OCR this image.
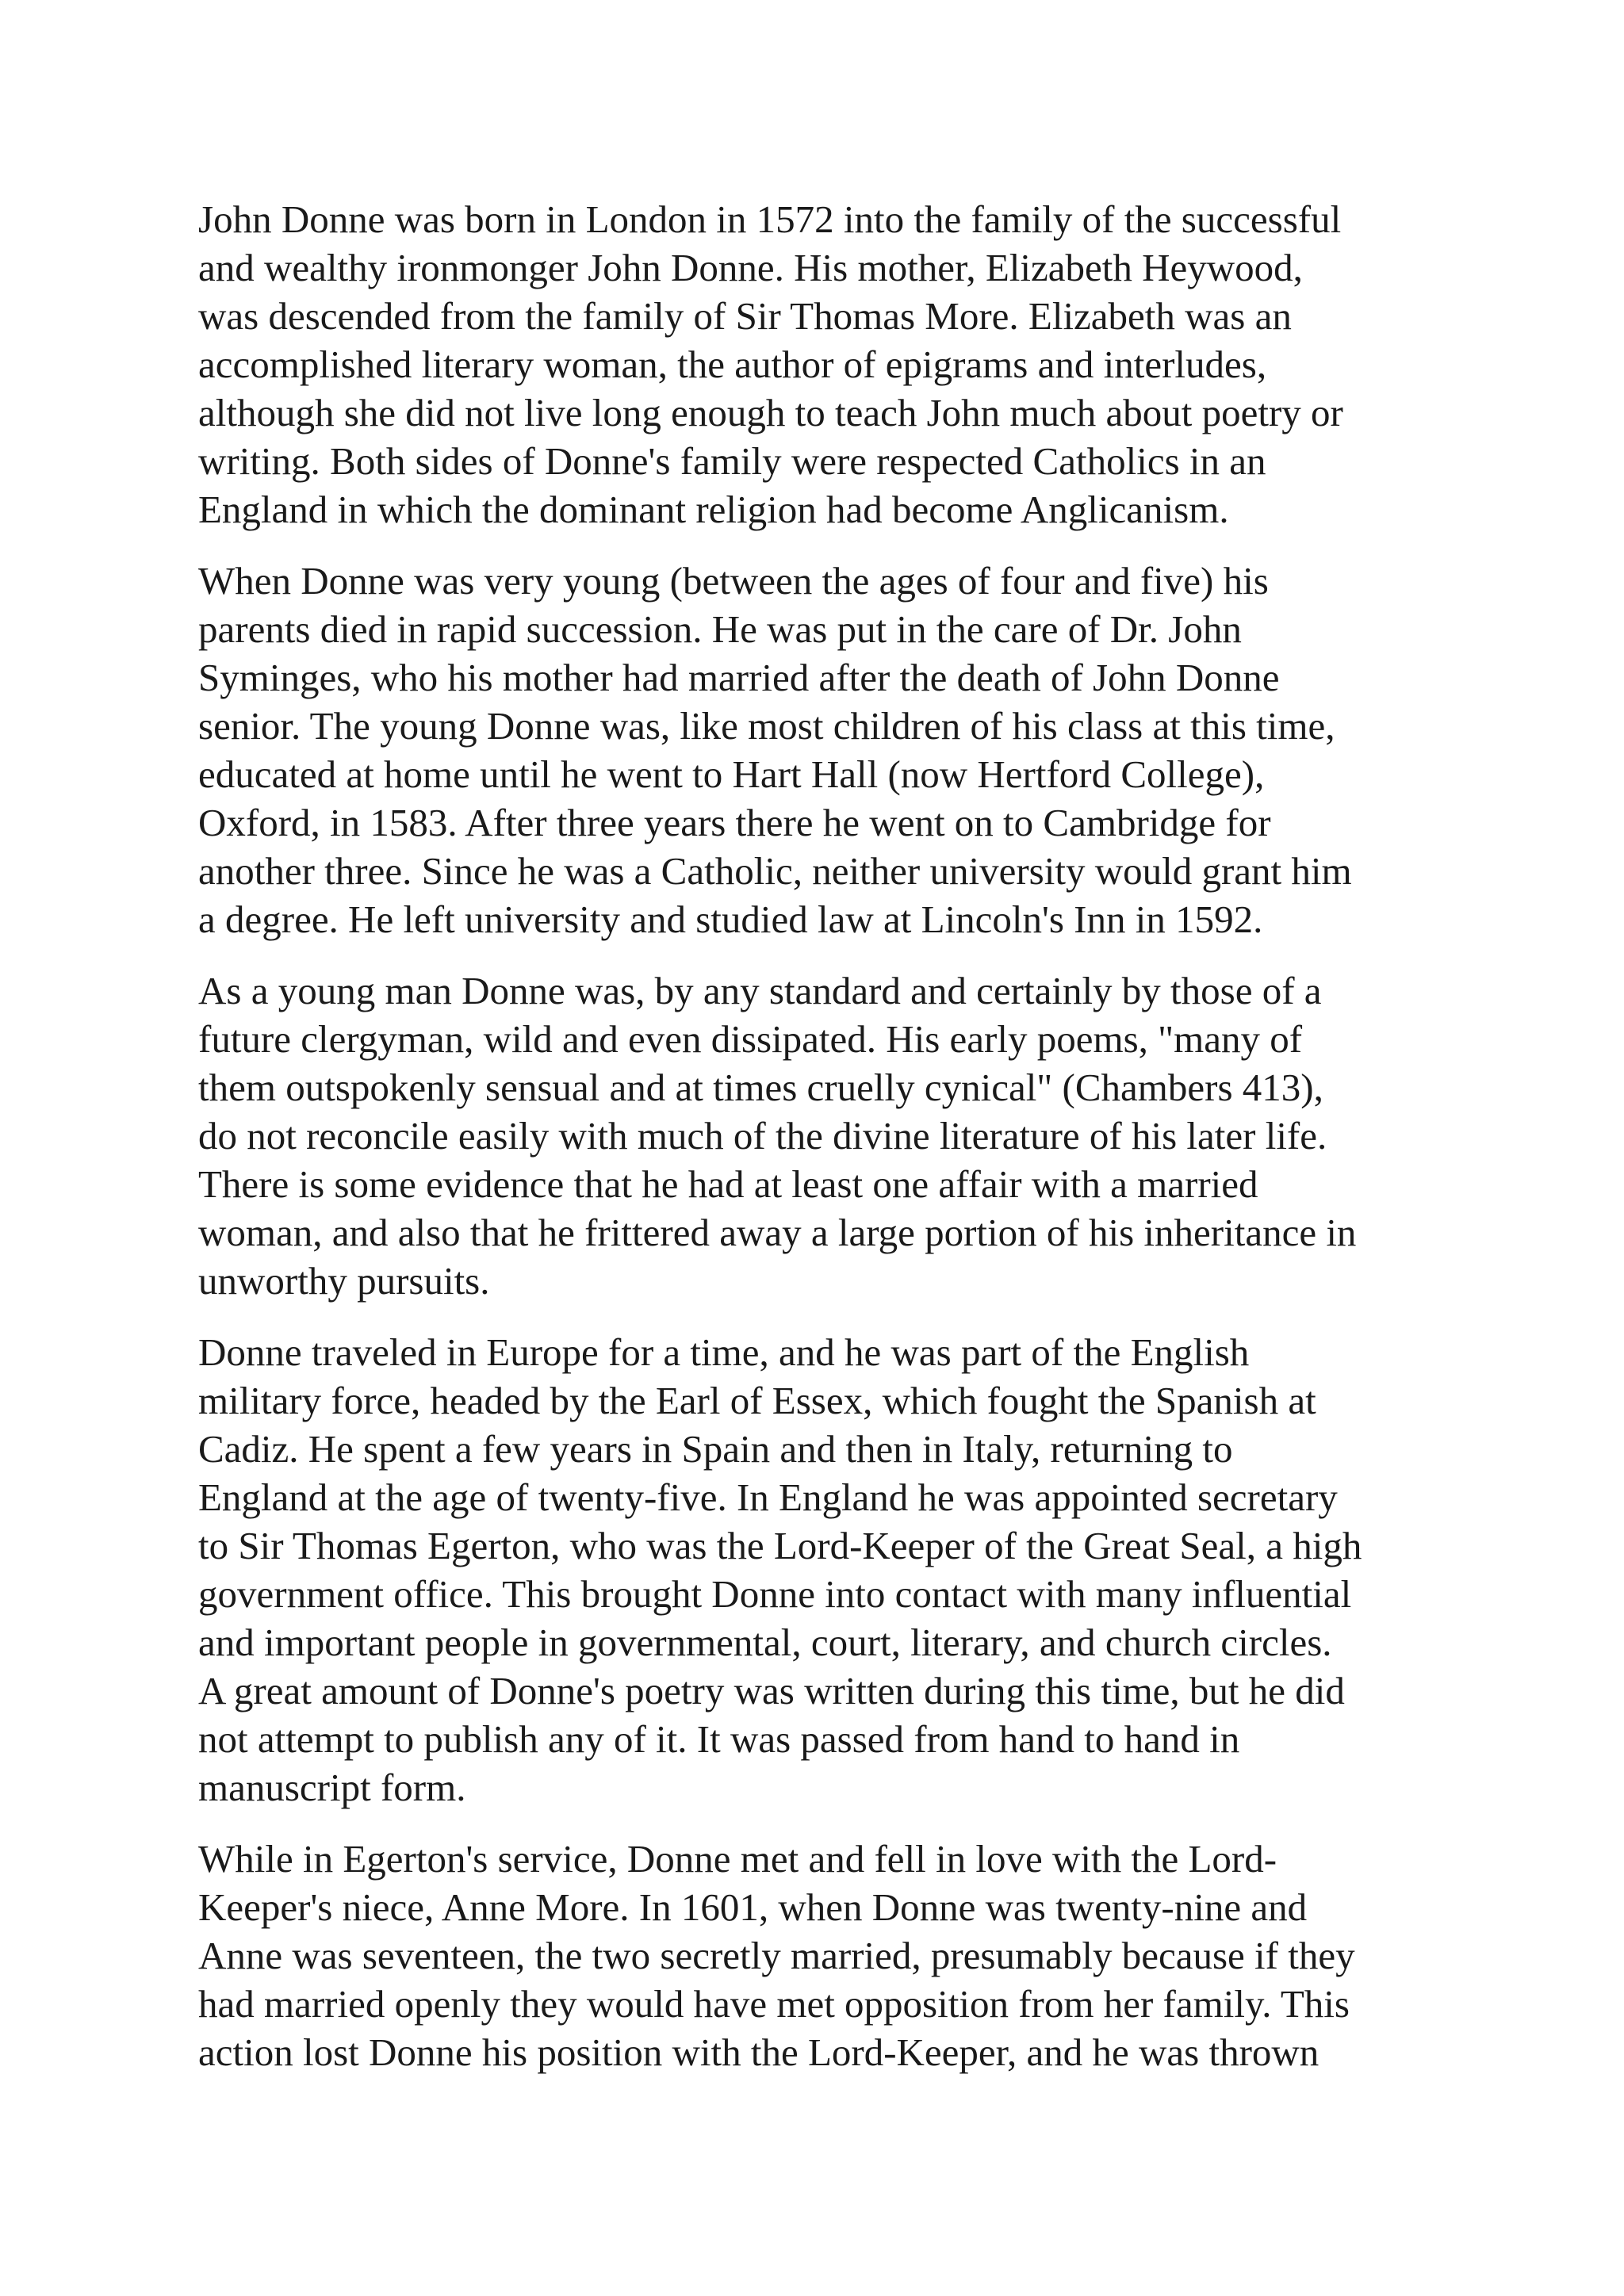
John Donne was born in London in 1572 into the family of the successful
and wealthy ironmonger John Donne. His mother, Elizabeth Heywood,
was descended from the family of Sir Thomas More. Elizabeth was an
accomplished literary woman, the author of epigrams and interludes,
although she did not live long enough to teach John much about poetry or
writing. Both sides of Donne's family were respected Catholics in an
England in which the dominant religion had become Anglicanism.

When Donne was very young (between the ages of four and five) his
parents died in rapid succession. He was put in the care of Dr. John
Syminges, who his mother had married after the death of John Donne
senior. The young Donne was, like most children of his class at this time,
educated at home until he went to Hart Hall (now Hertford College),
Oxford, in 1583. After three years there he went on to Cambridge for
another three. Since he was a Catholic, neither university would grant him
a degree. He left university and studied law at Lincoln's Inn in 1592.

As a young man Donne was, by any standard and certainly by those of a
future clergyman, wild and even dissipated. His early poems, "many of
them outspokenly sensual and at times cruelly cynical" (Chambers 413),
do not reconcile easily with much of the divine literature of his later life.
There is some evidence that he had at least one affair with a married
woman, and also that he frittered away a large portion of his inheritance in
unworthy pursuits.

Donne traveled in Europe for a time, and he was part of the English
military force, headed by the Earl of Essex, which fought the Spanish at
Cadiz. He spent a few years in Spain and then in Italy, returning to
England at the age of twenty-five. In England he was appointed secretary
to Sir Thomas Egerton, who was the Lord-Keeper of the Great Seal, a high
government office. This brought Donne into contact with many influential
and important people in governmental, court, literary, and church circles.
A great amount of Donne's poetry was written during this time, but he did
not attempt to publish any of it. It was passed from hand to hand in
manuscript form.

While in Egerton's service, Donne met and fell in love with the Lord-
Keeper's niece, Anne More. In 1601, when Donne was twenty-nine and
Anne was seventeen, the two secretly married, presumably because if they
had married openly they would have met opposition from her family. This
action lost Donne his position with the Lord-Keeper, and he was thrown
